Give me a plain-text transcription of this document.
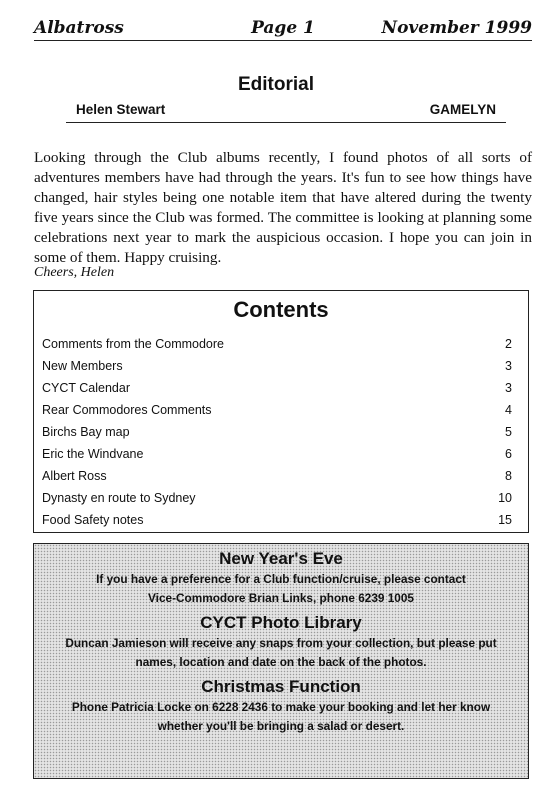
Albatross	Page 1	November 1999
Editorial
Helen Stewart	GAMELYN
Looking through the Club albums recently, I found photos of all sorts of adventures members have had through the years. It's fun to see how things have changed, hair styles being one notable item that have altered during the twenty five years since the Club was formed. The committee is looking at planning some celebrations next year to mark the auspicious occasion. I hope you can join in some of them. Happy cruising.
Cheers, Helen
Contents
Comments from the Commodore	2
New Members	3
CYCT Calendar	3
Rear Commodores Comments	4
Birchs Bay map	5
Eric the Windvane	6
Albert Ross	8
Dynasty en route to Sydney	10
Food Safety notes	15
New Year's Eve
If you have a preference for a Club function/cruise, please contact
Vice-Commodore Brian Links, phone 6239 1005
CYCT Photo Library
Duncan Jamieson will receive any snaps from your collection, but please put
names, location and date on the back of the photos.
Christmas Function
Phone Patricia Locke on 6228 2436 to make your booking and let her know
whether you'll be bringing a salad or desert.
